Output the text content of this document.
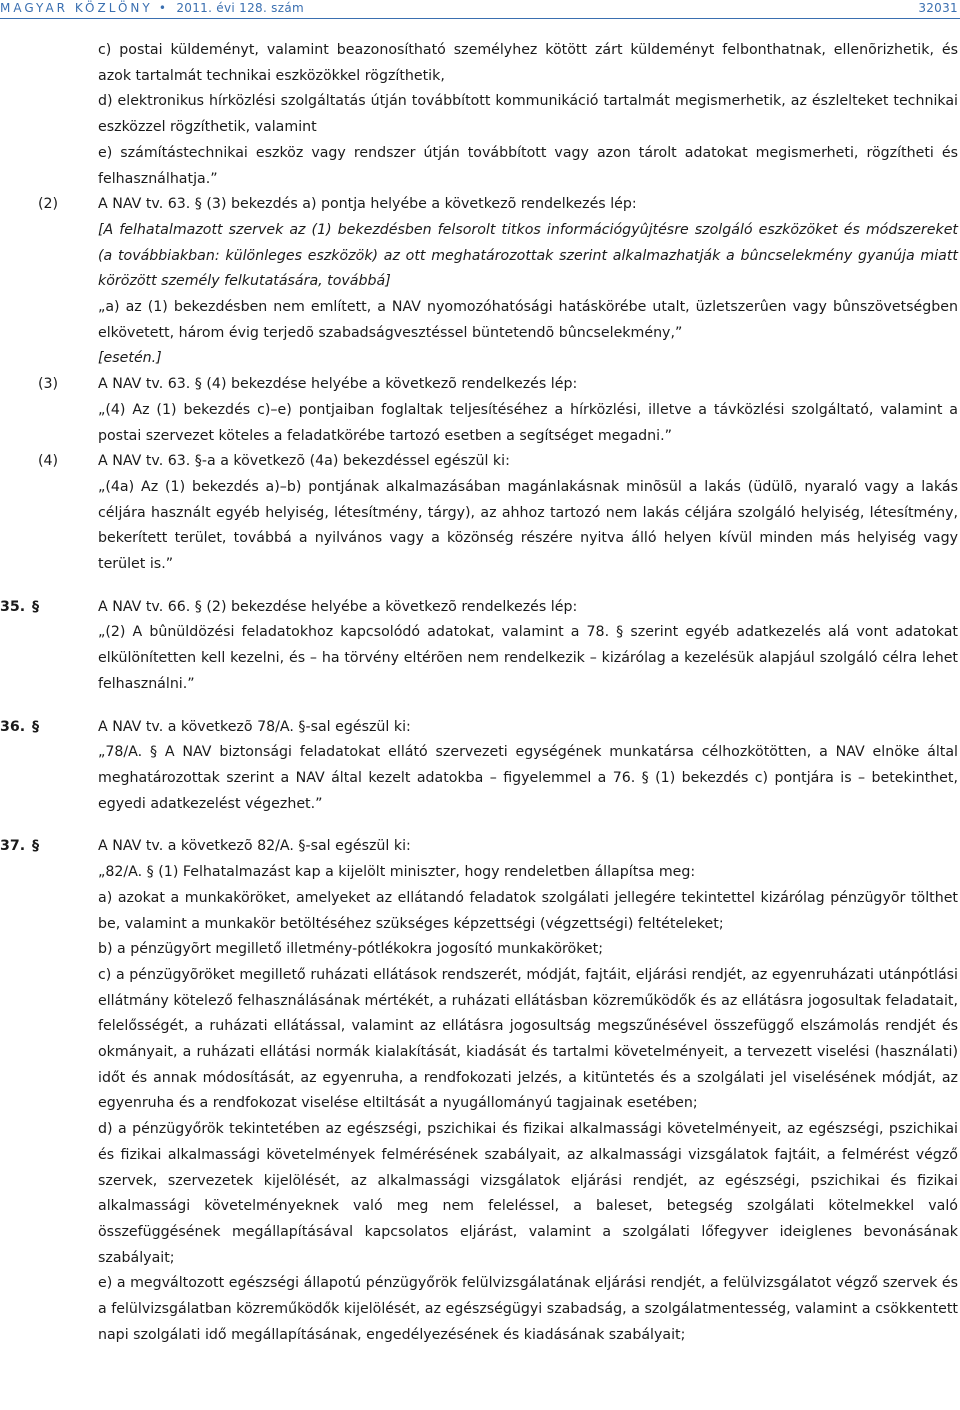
MAGYAR KÖZLÖNY • 2011. évi 128. szám	32031
c) postai küldeményt, valamint beazonosítható személyhez kötött zárt küldeményt felbonthatnak, ellenõrizhetik, és azok tartalmát technikai eszközökkel rögzíthetik,
d) elektronikus hírközlési szolgáltatás útján továbbított kommunikáció tartalmát megismerhetik, az észlelteket technikai eszközzel rögzíthetik, valamint
e) számítástechnikai eszköz vagy rendszer útján továbbított vagy azon tárolt adatokat megismerheti, rögzítheti és felhasználhatja.”
(2)	A NAV tv. 63. § (3) bekezdés a) pontja helyébe a következõ rendelkezés lép:
[A felhatalmazott szervek az (1) bekezdésben felsorolt titkos információgyûjtésre szolgáló eszközöket és módszereket (a továbbiakban: különleges eszközök) az ott meghatározottak szerint alkalmazhatják a bûncselekmény gyanúja miatt körözött személy felkutatására, továbbá]
„a) az (1) bekezdésben nem említett, a NAV nyomozóhatósági hatáskörébe utalt, üzletszerûen vagy bûnszövetségben elkövetett, három évig terjedõ szabadságvesztéssel büntetendõ bûncselekmény,”
[esetén.]
(3)	A NAV tv. 63. § (4) bekezdése helyébe a következõ rendelkezés lép:
„(4) Az (1) bekezdés c)–e) pontjaiban foglaltak teljesítéséhez a hírközlési, illetve a távközlési szolgáltató, valamint a postai szervezet köteles a feladatkörébe tartozó esetben a segítséget megadni.”
(4)	A NAV tv. 63. §-a a következõ (4a) bekezdéssel egészül ki:
„(4a) Az (1) bekezdés a)–b) pontjának alkalmazásában magánlakásnak minõsül a lakás (üdülõ, nyaraló vagy a lakás céljára használt egyéb helyiség, létesítmény, tárgy), az ahhoz tartozó nem lakás céljára szolgáló helyiség, létesítmény, bekerített terület, továbbá a nyilvános vagy a közönség részére nyitva álló helyen kívül minden más helyiség vagy terület is.”
35. §	A NAV tv. 66. § (2) bekezdése helyébe a következõ rendelkezés lép:
„(2) A bûnüldözési feladatokhoz kapcsolódó adatokat, valamint a 78. § szerint egyéb adatkezelés alá vont adatokat elkülönítetten kell kezelni, és – ha törvény eltérõen nem rendelkezik – kizárólag a kezelésük alapjául szolgáló célra lehet felhasználni.”
36. §	A NAV tv. a következõ 78/A. §-sal egészül ki:
„78/A. § A NAV biztonsági feladatokat ellátó szervezeti egységének munkatársa célhozkötötten, a NAV elnöke által meghatározottak szerint a NAV által kezelt adatokba – figyelemmel a 76. § (1) bekezdés c) pontjára is – betekinthet, egyedi adatkezelést végezhet.”
37. §	A NAV tv. a következõ 82/A. §-sal egészül ki:
„82/A. § (1) Felhatalmazást kap a kijelölt miniszter, hogy rendeletben állapítsa meg:
a) azokat a munkaköröket, amelyeket az ellátandó feladatok szolgálati jellegére tekintettel kizárólag pénzügyõr tölthet be, valamint a munkakör betöltéséhez szükséges képzettségi (végzettségi) feltételeket;
b) a pénzügyõrt megillető illetmény-pótlékokra jogosító munkaköröket;
c) a pénzügyõröket megillető ruházati ellátások rendszerét, módját, fajtáit, eljárási rendjét, az egyenruházati utánpótlási ellátmány kötelező felhasználásának mértékét, a ruházati ellátásban közreműködők és az ellátásra jogosultak feladatait, felelősségét, a ruházati ellátással, valamint az ellátásra jogosultság megszűnésével összefüggő elszámolás rendjét és okmányait, a ruházati ellátási normák kialakítását, kiadását és tartalmi követelményeit, a tervezett viselési (használati) időt és annak módosítását, az egyenruha, a rendfokozati jelzés, a kitüntetés és a szolgálati jel viselésének módját, az egyenruha és a rendfokozat viselése eltiltását a nyugállományú tagjainak esetében;
d) a pénzügyőrök tekintetében az egészségi, pszichikai és fizikai alkalmassági követelményeit, az egészségi, pszichikai és fizikai alkalmassági követelmények felmérésének szabályait, az alkalmassági vizsgálatok fajtáit, a felmérést végző szervek, szervezetek kijelölését, az alkalmassági vizsgálatok eljárási rendjét, az egészségi, pszichikai és fizikai alkalmassági követelményeknek való meg nem feleléssel, a baleset, betegség szolgálati kötelmekkel való összefüggésének megállapításával kapcsolatos eljárást, valamint a szolgálati lőfegyver ideiglenes bevonásának szabályait;
e) a megváltozott egészségi állapotú pénzügyőrök felülvizsgálatának eljárási rendjét, a felülvizsgálatot végző szervek és a felülvizsgálatban közreműködők kijelölését, az egészségügyi szabadság, a szolgálatmentesség, valamint a csökkentett napi szolgálati idő megállapításának, engedélyezésének és kiadásának szabályait;
